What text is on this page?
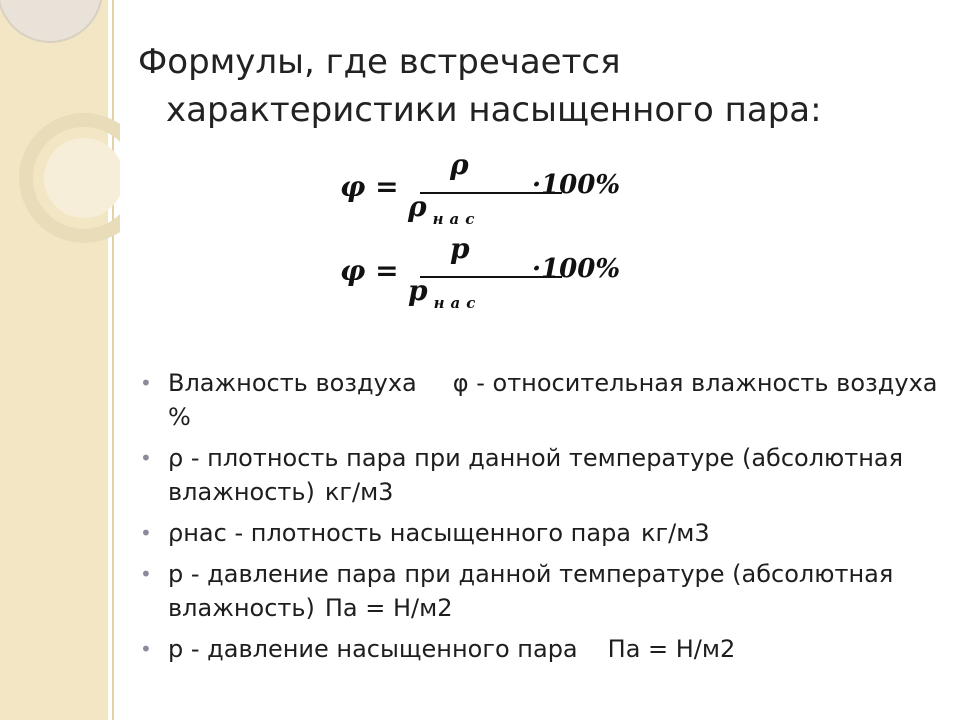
Формулы, где встречается
характеристики насыщенного пара:
φ =
ρ
ρ $_{нас}$
·100%
φ =
p
p $_{нас}$
·100%
• Влажность воздуха φ - относительная влажность воздуха %
• ρ - плотность пара при данной температуре (абсолютная влажность) кг/м3
• ρнас - плотность насыщенного пара кг/м3
• р - давление пара при данной температуре (абсолютная влажность) Па = Н/м2
• р - давление насыщенного пара Па = Н/м2
